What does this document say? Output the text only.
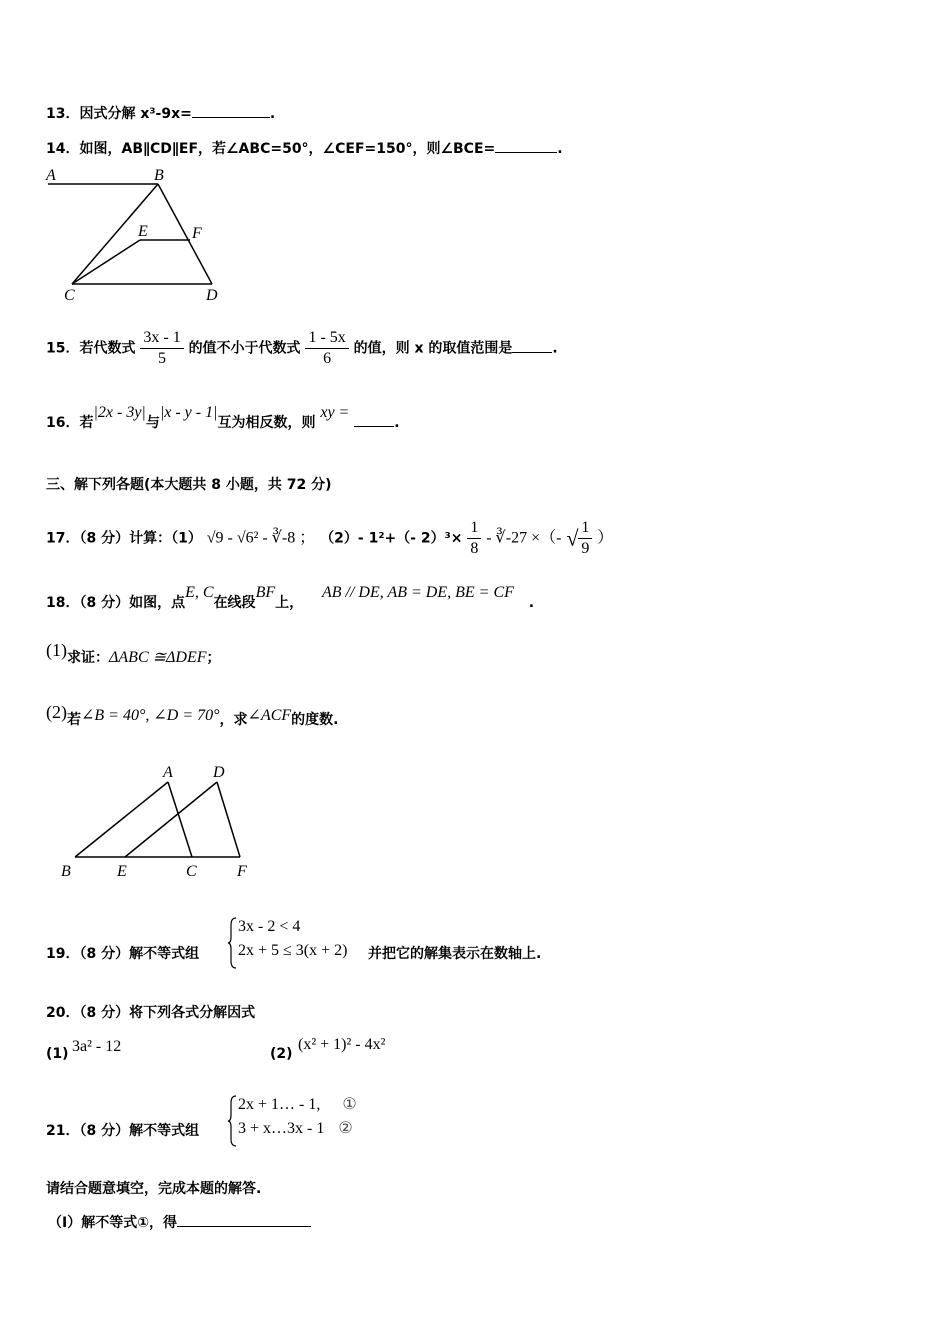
13．因式分解 x³-9x=	.
14．如图，AB∥CD∥EF，若∠ABC=50°，∠CEF=150°，则∠BCE=	.
A	B
E	F
C	D
15．若代数式 $\frac{3x - 1}{5}$ 的值不小于代数式 $\frac{1 - 5x}{6}$ 的值，则 x 的取值范围是	.
16．若|2x - 3y|与|x - y - 1|互为相反数，则 xy = .
三、解下列各题(本大题共 8 小题，共 72 分)
17．（8 分）计算：（1） √9 - √6² - ∛-8 ； （2）- 1²+（- $2)^3\times \frac{1}{8}$ - ∛-27 ×（- √ $\frac{1}{9}$ ）
18．（8 分）如图，点E, C在线段BF上， AB // DE, AB = DE, BE = CF .
(1)求证：ΔABC ≅ΔDEF；
(2)若∠B = 40°, ∠D = 70°，求∠ACF的度数.
A	D
B	E	C	F
19．（8 分）解不等式组
3x - 2 < 4
2x + 5 ≤ 3(x + 2) 并把它的解集表示在数轴上.
20．（8 分）将下列各式分解因式
(1) 3a² - 12	(2)
(x² + 1)² - 4x²
21．（8 分）解不等式组
2x + 1… - 1, ①
3 + x…3x - 1 ②
请结合题意填空，完成本题的解答.
（I）解不等式①，得
